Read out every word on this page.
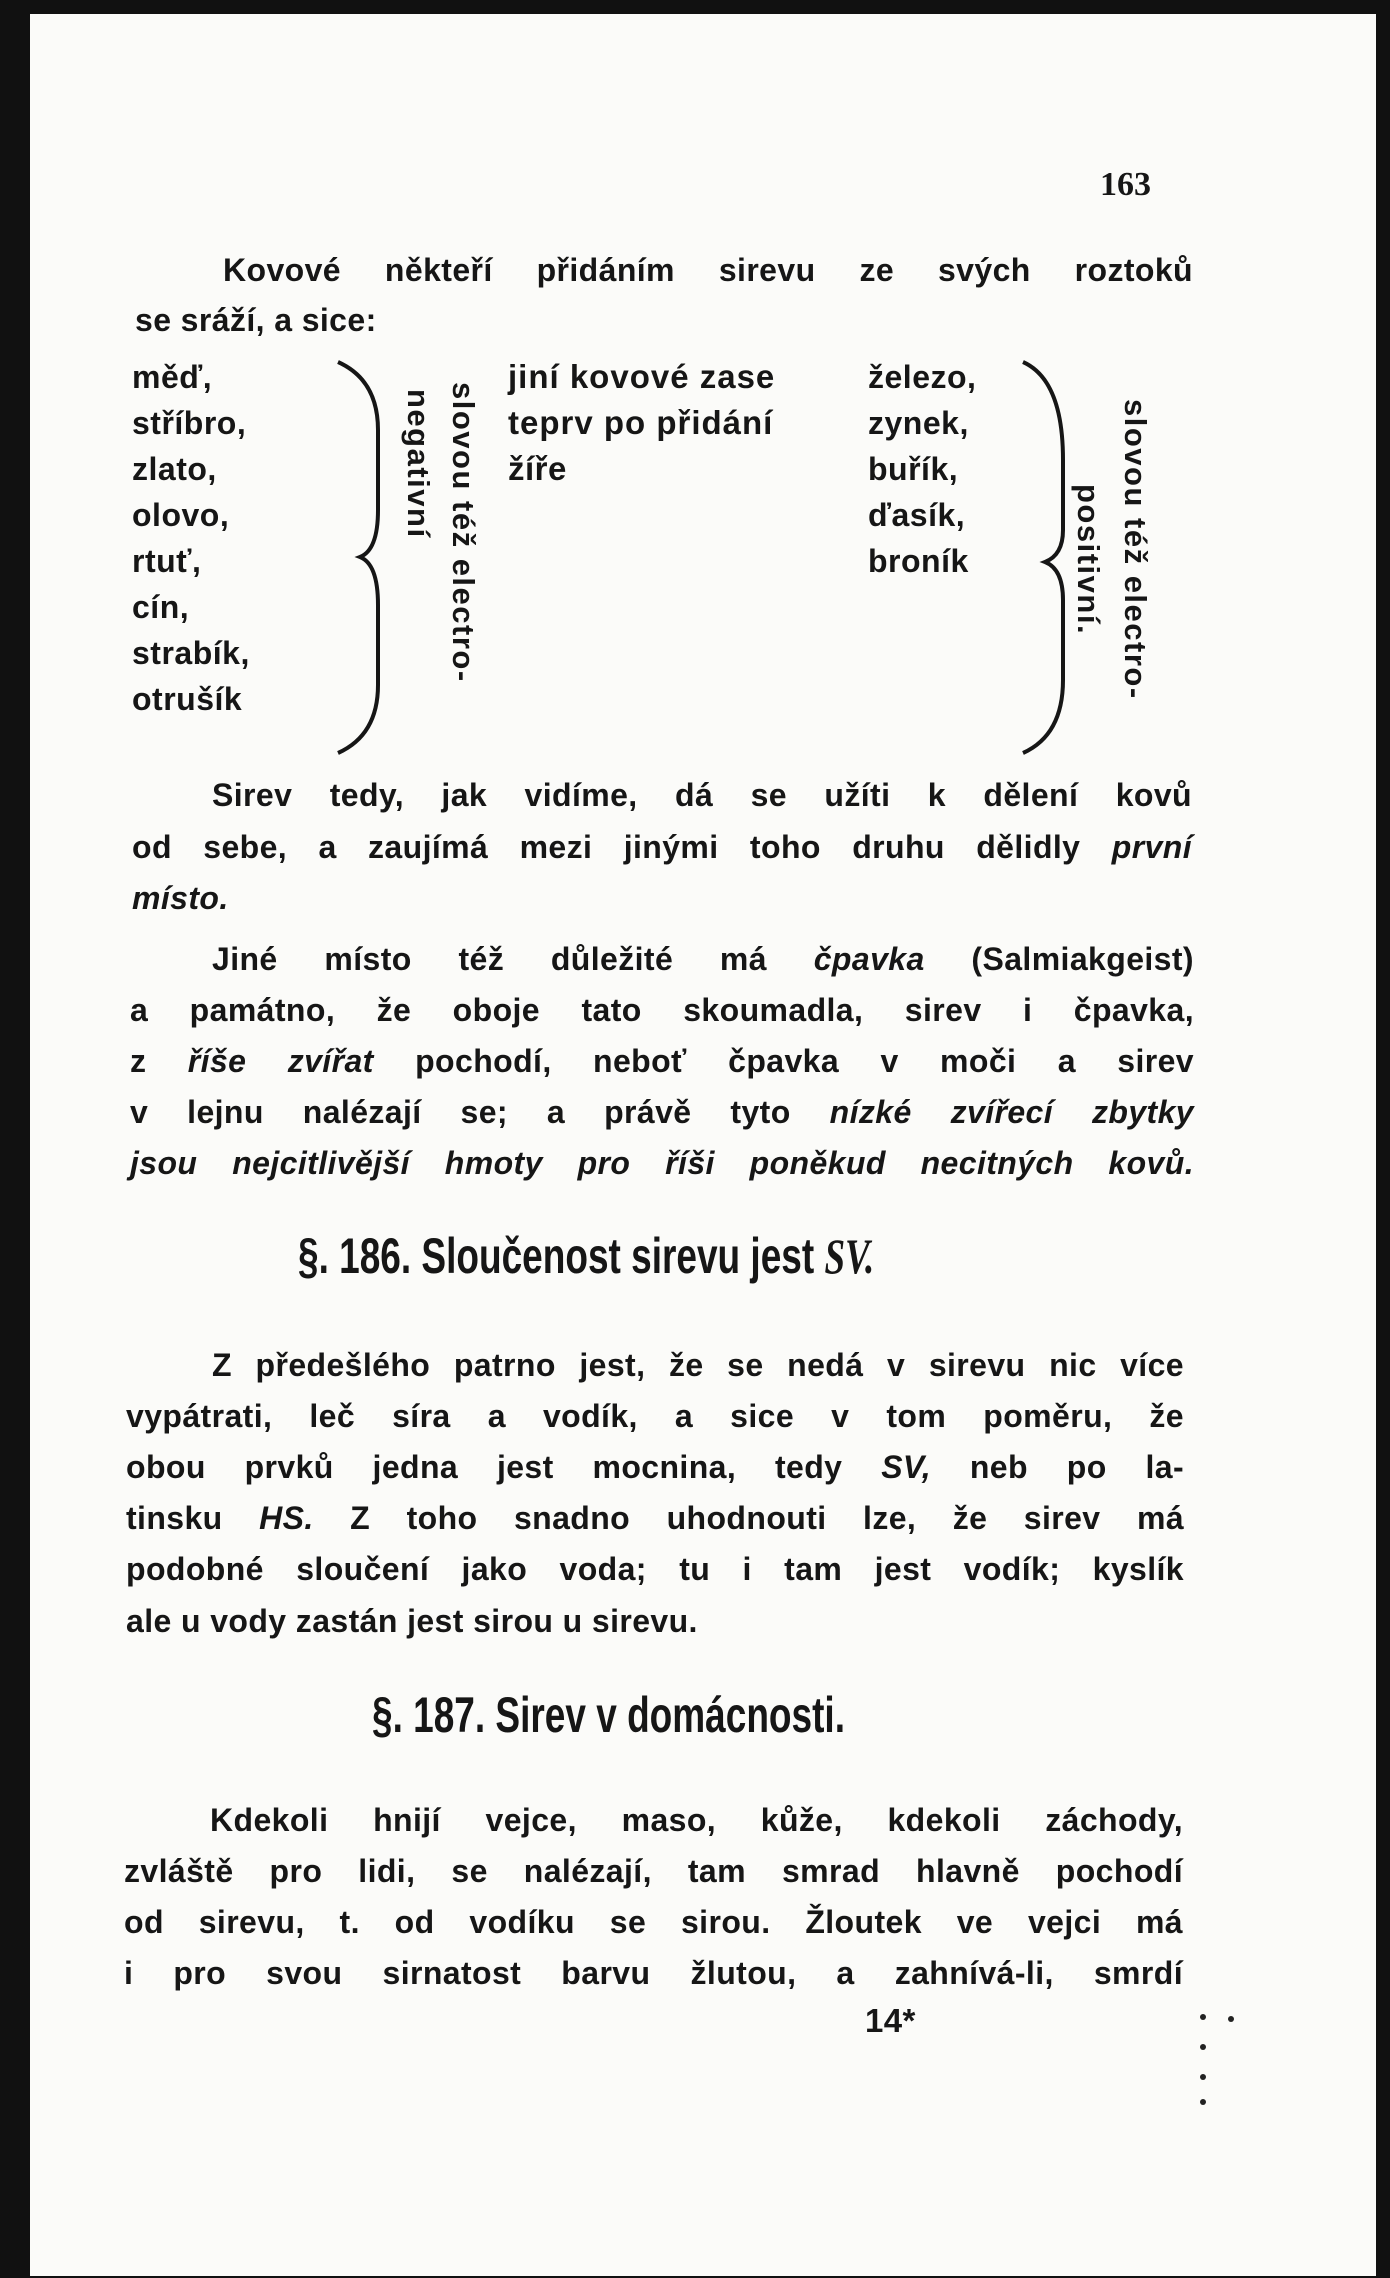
163
Kovové někteří přidáním sirevu ze svých roztoků
se sráží, a sice:
měď,
stříbro,
zlato,
olovo,
rtuť,
cín,
strabík,
otrušík
negativní slovou též electro-
jiní kovové zase
teprv po přidání
žíře
železo,
zynek,
buřík,
ďasík,
broník	positivní. slovou též electro-
Sirev tedy, jak vidíme, dá se užíti k dělení kovů
od sebe, a zaujímá mezi jinými toho druhu dělidly první
místo.
Jiné místo též důležité má čpavka (Salmiakgeist)
a památno, že oboje tato skoumadla, sirev i čpavka,
z říše zvířat pochodí, neboť čpavka v moči a sirev
v lejnu nalézají se; a právě tyto nízké zvířecí zbytky
jsou nejcitlivější hmoty pro říši poněkud necitných kovů.
§. 186. Sloučenost sirevu jest SV.
Z předešlého patrno jest, že se nedá v sirevu nic více
vypátrati, leč síra a vodík, a sice v tom poměru, že
obou prvků jedna jest mocnina, tedy SV, neb po la-
tinsku HS. Z toho snadno uhodnouti lze, že sirev má
podobné sloučení jako voda; tu i tam jest vodík; kyslík
ale u vody zastán jest sirou u sirevu.
§. 187. Sirev v domácnosti.
Kdekoli hnijí vejce, maso, kůže, kdekoli záchody,
zvláště pro lidi, se nalézají, tam smrad hlavně pochodí
od sirevu, t. od vodíku se sirou. Žloutek ve vejci má
i pro svou sirnatost barvu žlutou, a zahnívá-li, smrdí
14*
